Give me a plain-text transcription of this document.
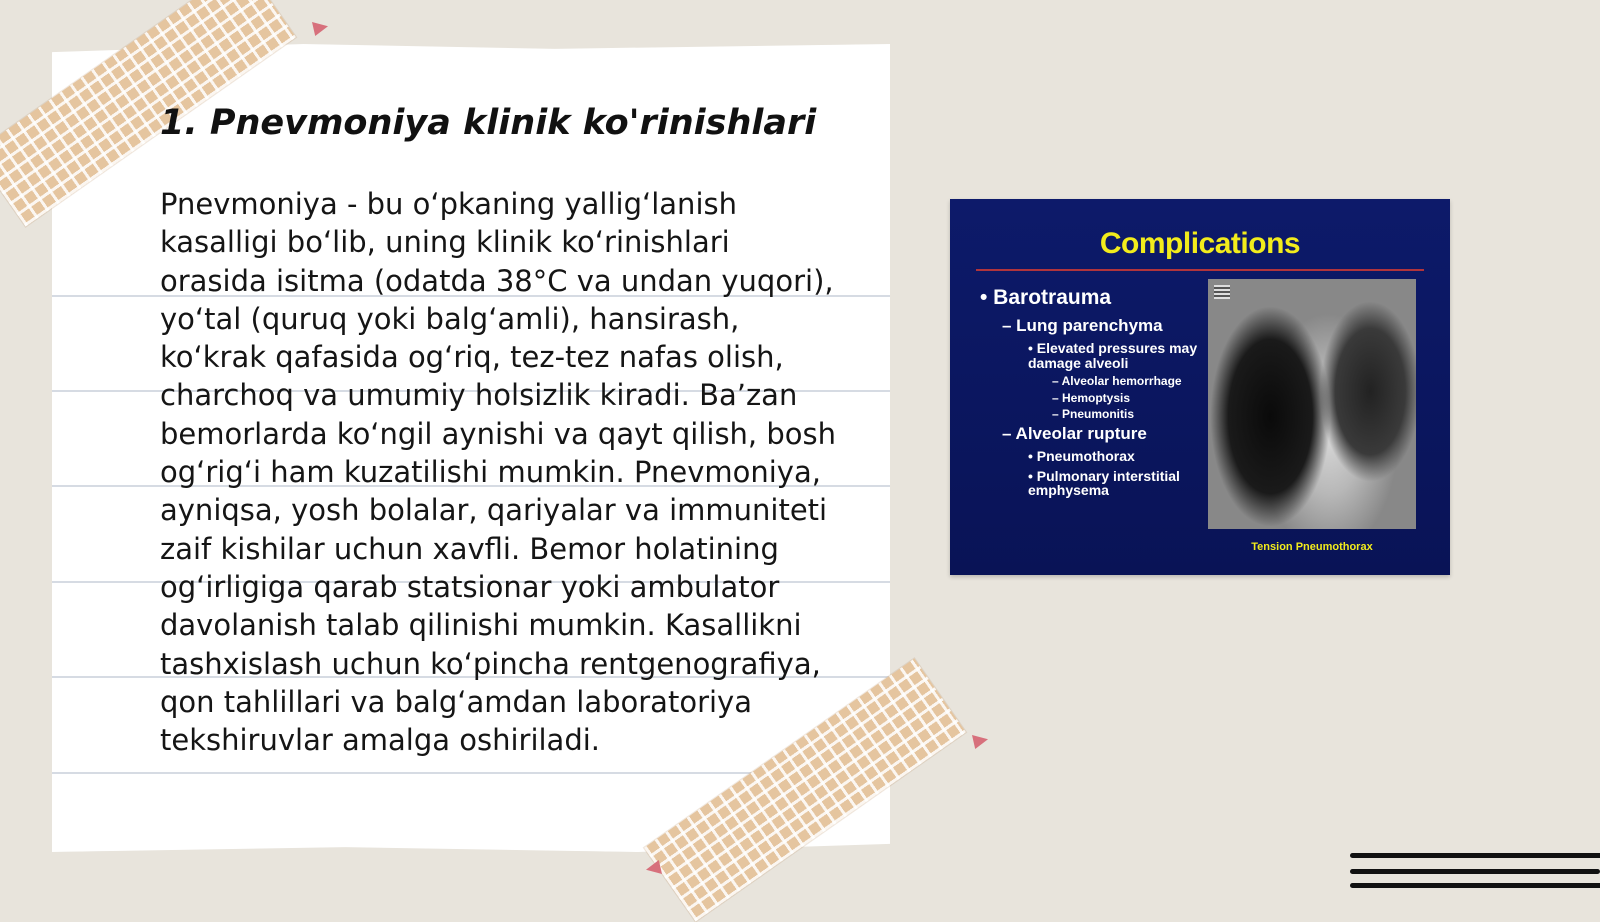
1. Pnevmoniya klinik ko'rinishlari

Pnevmoniya - bu o‘pkaning yallig‘lanish kasalligi bo‘lib, uning klinik ko‘rinishlari orasida isitma (odatda 38°C va undan yuqori), yo‘tal (quruq yoki balg‘amli), hansirash, ko‘krak qafasida og‘riq, tez-tez nafas olish, charchoq va umumiy holsizlik kiradi. Ba’zan bemorlarda ko‘ngil aynishi va qayt qilish, bosh og‘rig‘i ham kuzatilishi mumkin. Pnevmoniya, ayniqsa, yosh bolalar, qariyalar va immuniteti zaif kishilar uchun xavfli. Bemor holatining og‘irligiga qarab statsionar yoki ambulator davolanish talab qilinishi mumkin. Kasallikni tashxislash uchun ko‘pincha rentgenografiya, qon tahlillari va balg‘amdan laboratoriya tekshiruvlar amalga oshiriladi.

Complications
• Barotrauma
– Lung parenchyma
• Elevated pressures may damage alveoli
– Alveolar hemorrhage
– Hemoptysis
– Pneumonitis
– Alveolar rupture
• Pneumothorax
• Pulmonary interstitial emphysema
Tension Pneumothorax
